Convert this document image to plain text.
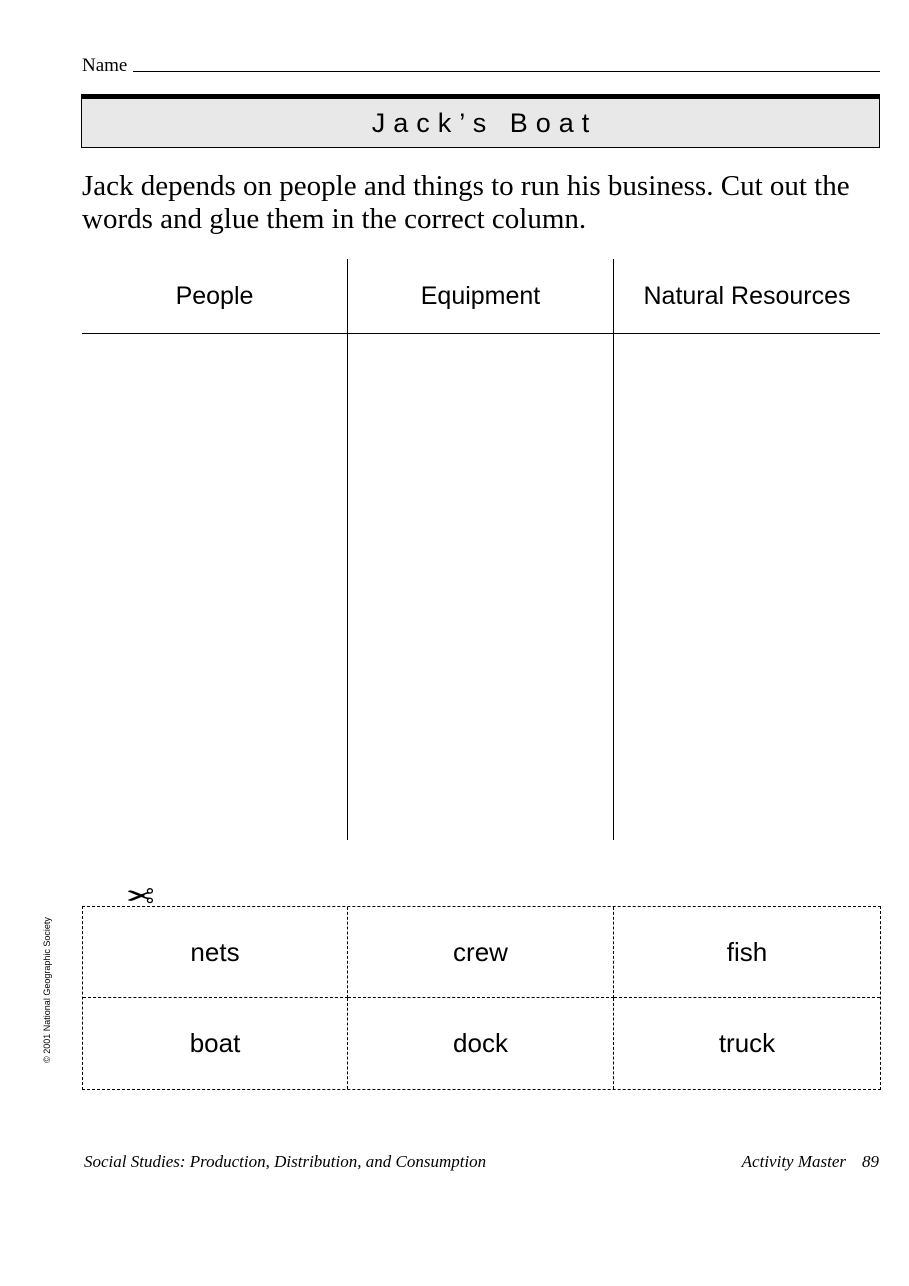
Name
Jack’s Boat

Jack depends on people and things to run his business. Cut out the words and glue them in the correct column.

People	Equipment	Natural Resources
✂
nets	crew	fish
boat	dock	truck
© 2001 National Geographic Society
Social Studies: Production, Distribution, and Consumption	Activity Master 89
